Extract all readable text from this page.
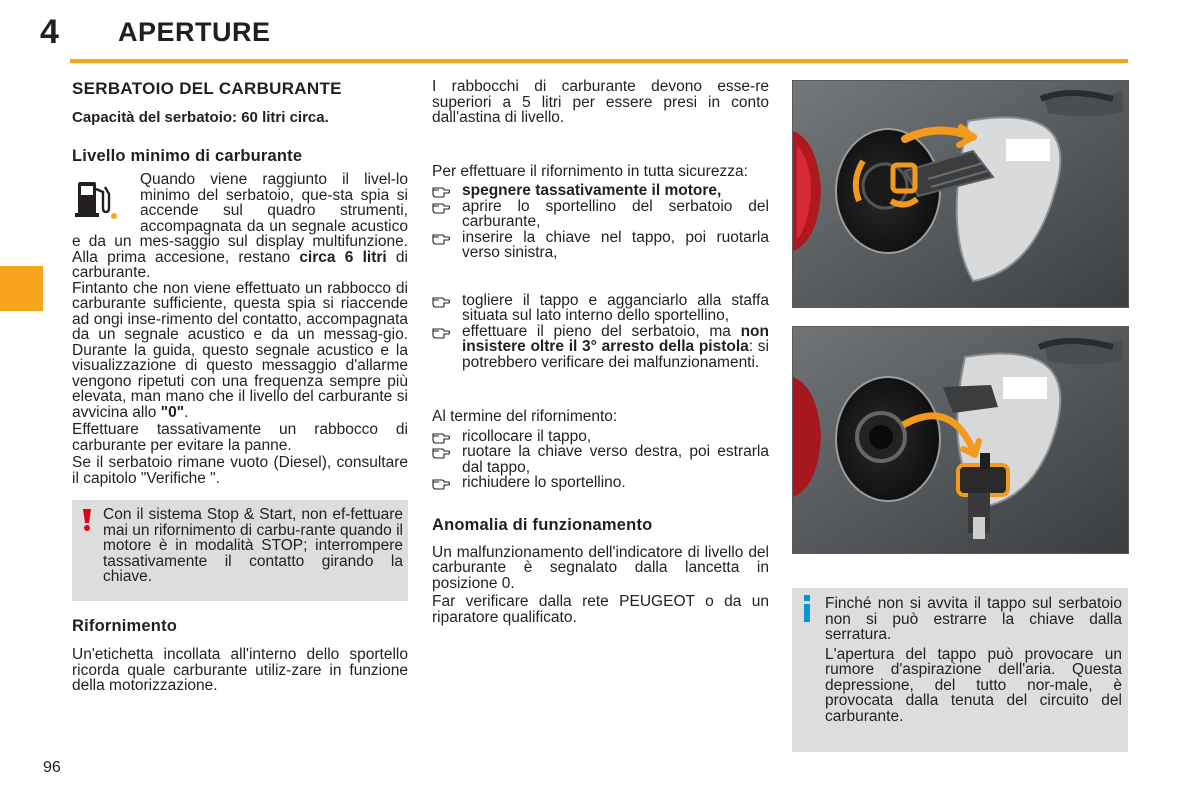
4 APERTURE
SERBATOIO DEL CARBURANTE

Capacità del serbatoio: 60 litri circa.

Livello minimo di carburante

Quando viene raggiunto il livel-lo minimo del serbatoio, que-sta spia si accende sul quadro strumenti, accompagnata da un segnale acustico e da un mes-saggio sul display multifunzione. Alla prima accesione, restano circa 6 litri di carburante.

Fintanto che non viene effettuato un rabbocco di carburante sufficiente, questa spia si riaccende ad ongi inse-rimento del contatto, accompagnata da un segnale acustico e da un messag-gio. Durante la guida, questo segnale acustico e la visualizzazione di questo messaggio d'allarme vengono ripetuti con una frequenza sempre più elevata, man mano che il livello del carburante si avvicina allo "0".

Effettuare tassativamente un rabbocco di carburante per evitare la panne.

Se il serbatoio rimane vuoto (Diesel), consultare il capitolo "Verifiche ".

Con il sistema Stop & Start, non ef-fettuare mai un rifornimento di carbu-rante quando il motore è in modalità STOP; interrompere tassativamente il contatto girando la chiave.

Rifornimento

Un'etichetta incollata all'interno dello sportello ricorda quale carburante utiliz-zare in funzione della motorizzazione.

I rabbocchi di carburante devono esse-re superiori a 5 litri per essere presi in conto dall'astina di livello.

Per effettuare il rifornimento in tutta sicurezza:

spegnere tassativamente il motore,
aprire lo sportellino del serbatoio del carburante,
inserire la chiave nel tappo, poi ruotarla verso sinistra,
togliere il tappo e agganciarlo alla staffa situata sul lato interno dello sportellino,
effettuare il pieno del serbatoio, ma non insistere oltre il 3° arresto della pistola: si potrebbero verificare dei malfunzionamenti.

Al termine del rifornimento:

ricollocare il tappo,
ruotare la chiave verso destra, poi estrarla dal tappo,
richiudere lo sportellino.

Anomalia di funzionamento

Un malfunzionamento dell'indicatore di livello del carburante è segnalato dalla lancetta in posizione 0.

Far verificare dalla rete PEUGEOT o da un riparatore qualificato.

Finché non si avvita il tappo sul serbatoio non si può estrarre la chiave dalla serratura.

L'apertura del tappo può provocare un rumore d'aspirazione dell'aria. Questa depressione, del tutto nor-male, è provocata dalla tenuta del circuito del carburante.

96
